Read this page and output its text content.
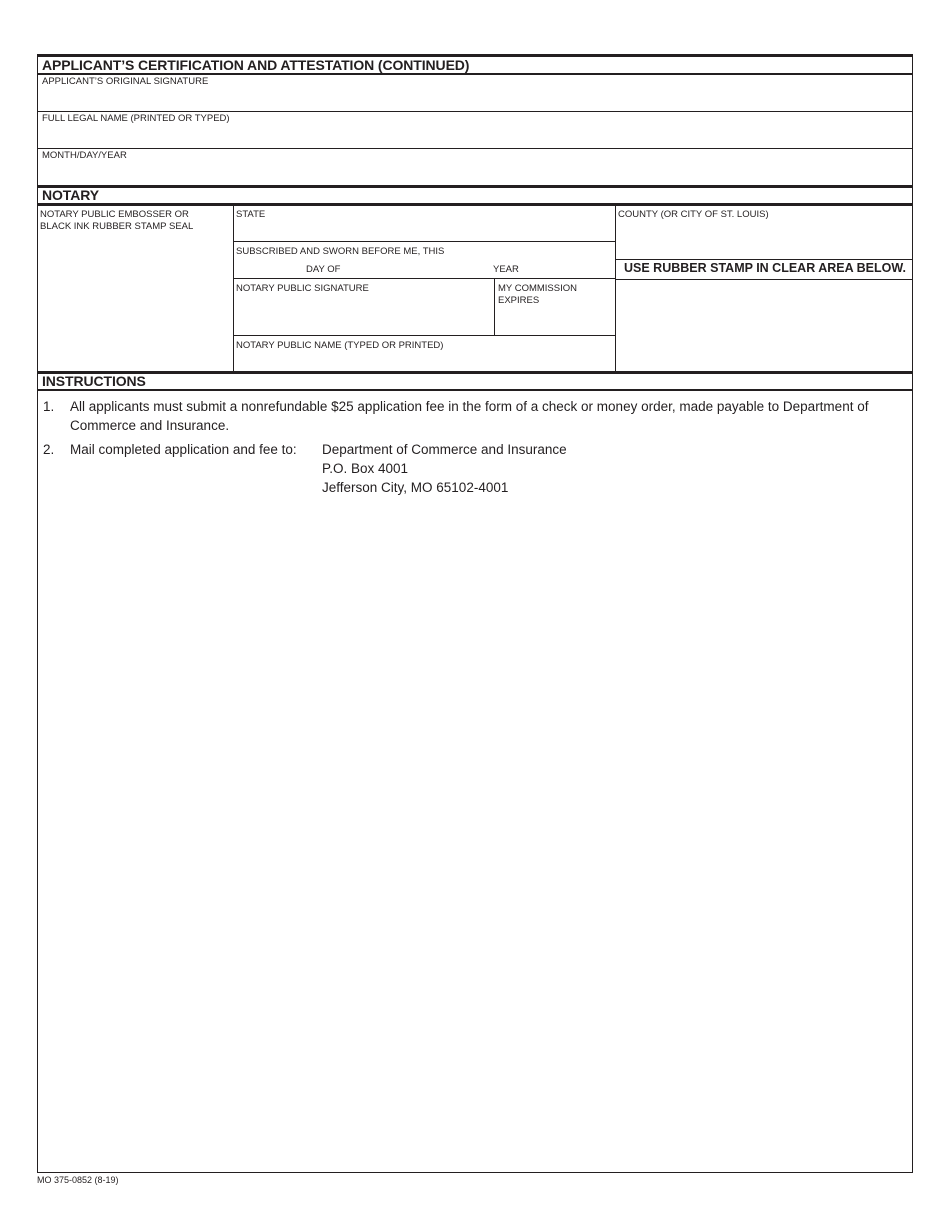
APPLICANT’S CERTIFICATION AND ATTESTATION (CONTINUED)
APPLICANT’S ORIGINAL SIGNATURE
FULL LEGAL NAME (PRINTED OR TYPED)
MONTH/DAY/YEAR
NOTARY
NOTARY PUBLIC EMBOSSER OR BLACK INK RUBBER STAMP SEAL
STATE
SUBSCRIBED AND SWORN BEFORE ME, THIS
DAY OF	YEAR
NOTARY PUBLIC SIGNATURE	MY COMMISSION EXPIRES
NOTARY PUBLIC NAME (TYPED OR PRINTED)
COUNTY (OR CITY OF ST. LOUIS)
USE RUBBER STAMP IN CLEAR AREA BELOW.
INSTRUCTIONS
1. All applicants must submit a nonrefundable $25 application fee in the form of a check or money order, made payable to Department of Commerce and Insurance.
2. Mail completed application and fee to: Department of Commerce and Insurance
P.O. Box 4001
Jefferson City, MO 65102-4001
MO 375-0852 (8-19)
